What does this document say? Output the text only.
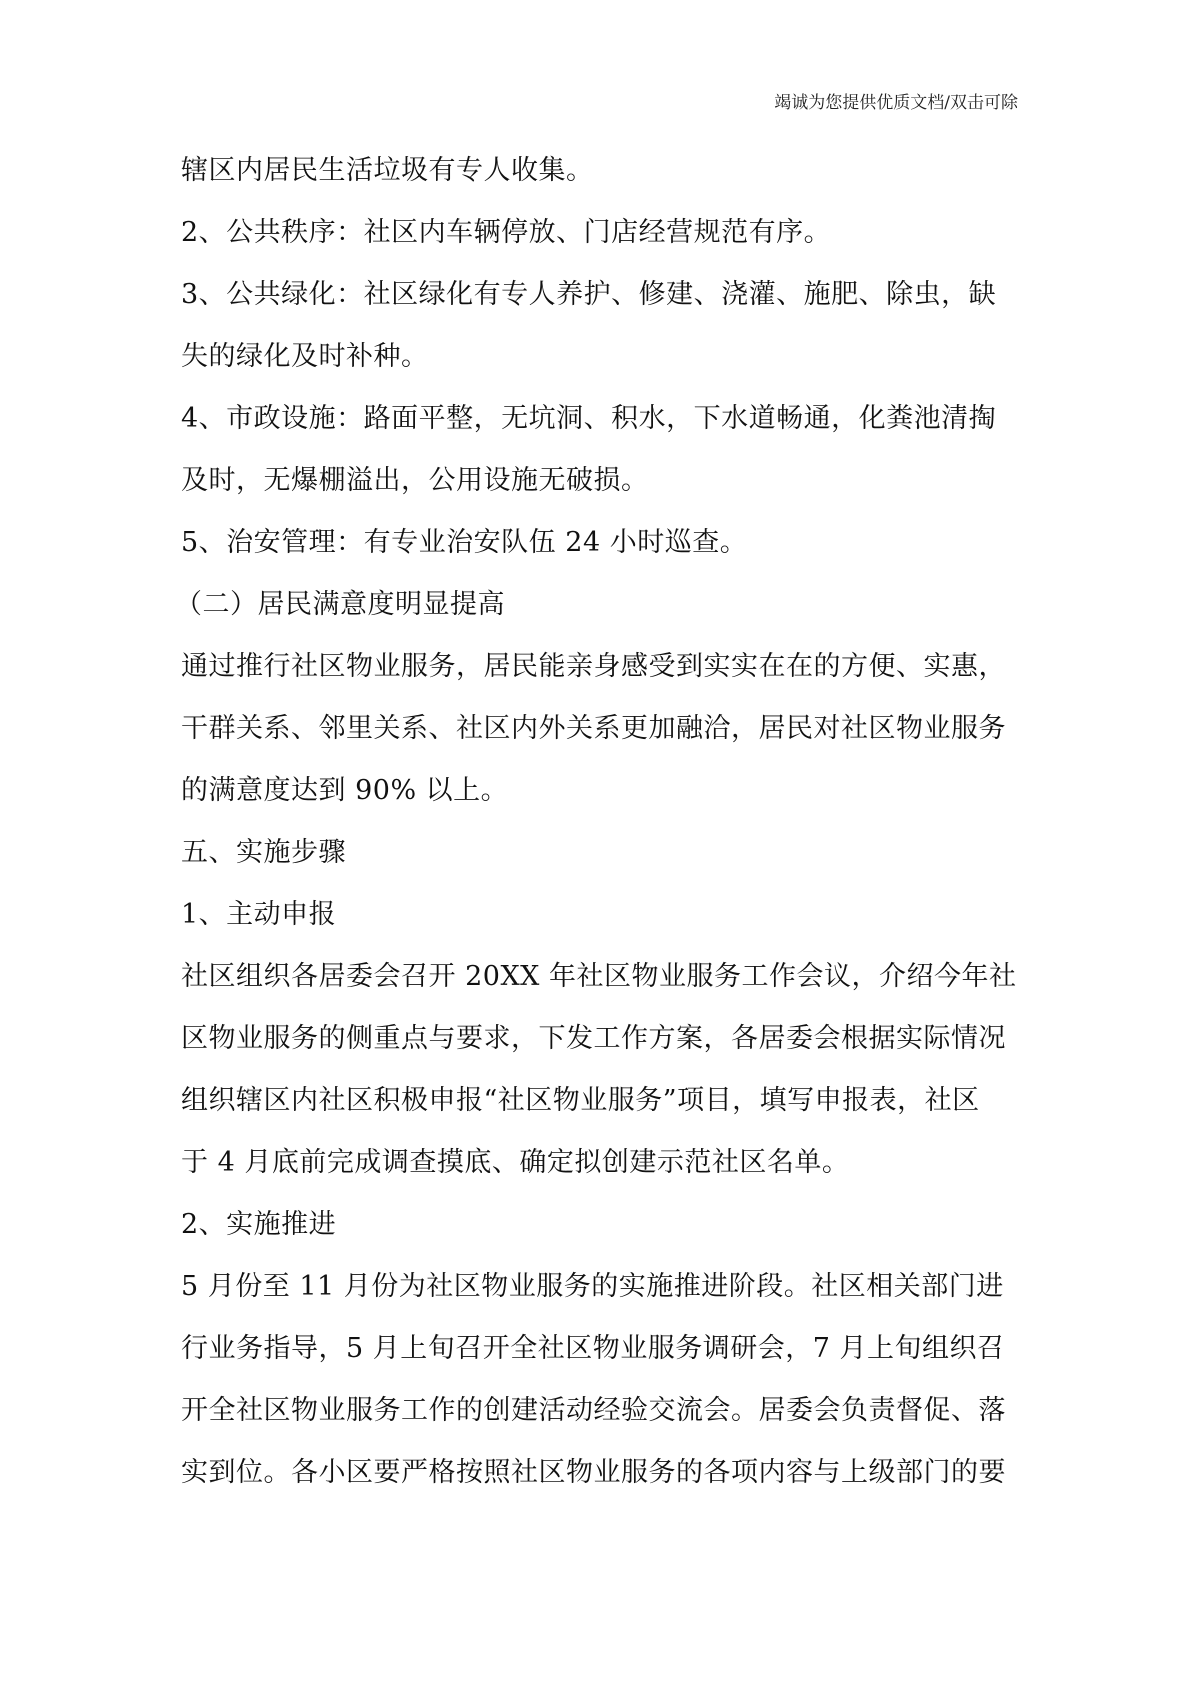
竭诚为您提供优质文档/双击可除
辖区内居民生活垃圾有专人收集。
2、公共秩序：社区内车辆停放、门店经营规范有序。
3、公共绿化：社区绿化有专人养护、修建、浇灌、施肥、除虫，缺
失的绿化及时补种。
4、市政设施：路面平整，无坑洞、积水，下水道畅通，化粪池清掏
及时，无爆棚溢出，公用设施无破损。
5、治安管理：有专业治安队伍 24 小时巡查。
（二）居民满意度明显提高
通过推行社区物业服务，居民能亲身感受到实实在在的方便、实惠，
干群关系、邻里关系、社区内外关系更加融洽，居民对社区物业服务
的满意度达到 90% 以上。
五、实施步骤
1、主动申报
社区组织各居委会召开 20XX 年社区物业服务工作会议，介绍今年社
区物业服务的侧重点与要求，下发工作方案，各居委会根据实际情况
组织辖区内社区积极申报“社区物业服务”项目，填写申报表，社区
于 4 月底前完成调查摸底、确定拟创建示范社区名单。
2、实施推进
5 月份至 11 月份为社区物业服务的实施推进阶段。社区相关部门进
行业务指导，5 月上旬召开全社区物业服务调研会，7 月上旬组织召
开全社区物业服务工作的创建活动经验交流会。居委会负责督促、落
实到位。各小区要严格按照社区物业服务的各项内容与上级部门的要
